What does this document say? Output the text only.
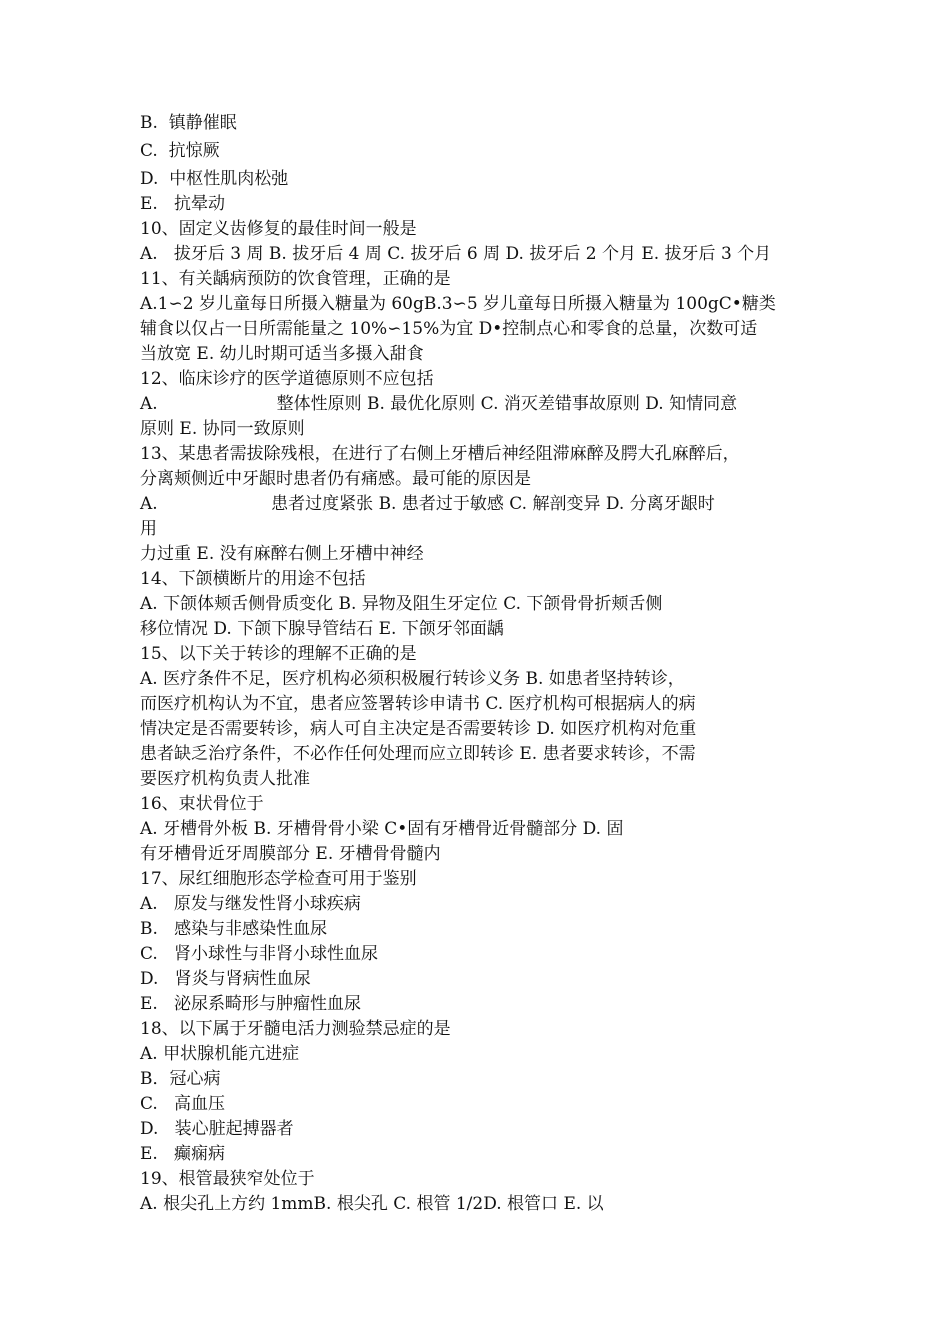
B.  镇静催眠
C.  抗惊厥
D.  中枢性肌肉松弛
E.   抗晕动
10、固定义齿修复的最佳时间一般是
A.   拔牙后 3 周 B. 拔牙后 4 周 C. 拔牙后 6 周 D. 拔牙后 2 个月 E. 拔牙后 3 个月
11、有关龋病预防的饮食管理，正确的是
A.1∽2 岁儿童每日所摄入糖量为 60gB.3∽5 岁儿童每日所摄入糖量为 100gC•糖类
辅食以仅占一日所需能量之 10%∽15%为宜 D•控制点心和零食的总量，次数可适
当放宽 E. 幼儿时期可适当多摄入甜食
12、临床诊疗的医学道德原则不应包括
A.                      整体性原则 B. 最优化原则 C. 消灭差错事故原则 D. 知情同意
原则 E. 协同一致原则
13、某患者需拔除残根，在进行了右侧上牙槽后神经阻滞麻醉及腭大孔麻醉后，
分离颊侧近中牙龈时患者仍有痛感。最可能的原因是
A.                     患者过度紧张 B. 患者过于敏感 C. 解剖变异 D. 分离牙龈时
用
力过重 E. 没有麻醉右侧上牙槽中神经
14、下颌横断片的用途不包括
A. 下颌体颊舌侧骨质变化 B. 异物及阻生牙定位 C. 下颌骨骨折颊舌侧
移位情况 D. 下颌下腺导管结石 E. 下颌牙邻面龋
15、以下关于转诊的理解不正确的是
A. 医疗条件不足，医疗机构必须积极履行转诊义务 B. 如患者坚持转诊，
而医疗机构认为不宜，患者应签署转诊申请书 C. 医疗机构可根据病人的病
情决定是否需要转诊，病人可自主决定是否需要转诊 D. 如医疗机构对危重
患者缺乏治疗条件，不必作任何处理而应立即转诊 E. 患者要求转诊，不需
要医疗机构负责人批准
16、束状骨位于
A. 牙槽骨外板 B. 牙槽骨骨小梁 C•固有牙槽骨近骨髓部分 D. 固
有牙槽骨近牙周膜部分 E. 牙槽骨骨髓内
17、尿红细胞形态学检查可用于鉴别
A.   原发与继发性肾小球疾病
B.   感染与非感染性血尿
C.   肾小球性与非肾小球性血尿
D.   肾炎与肾病性血尿
E.   泌尿系畸形与肿瘤性血尿
18、以下属于牙髓电活力测验禁忌症的是
A. 甲状腺机能亢进症
B．冠心病
C.   高血压
D.   装心脏起搏器者
E.   癫痫病
19、根管最狭窄处位于
A. 根尖孔上方约 1mmB. 根尖孔 C. 根管 1/2D. 根管口 E. 以
